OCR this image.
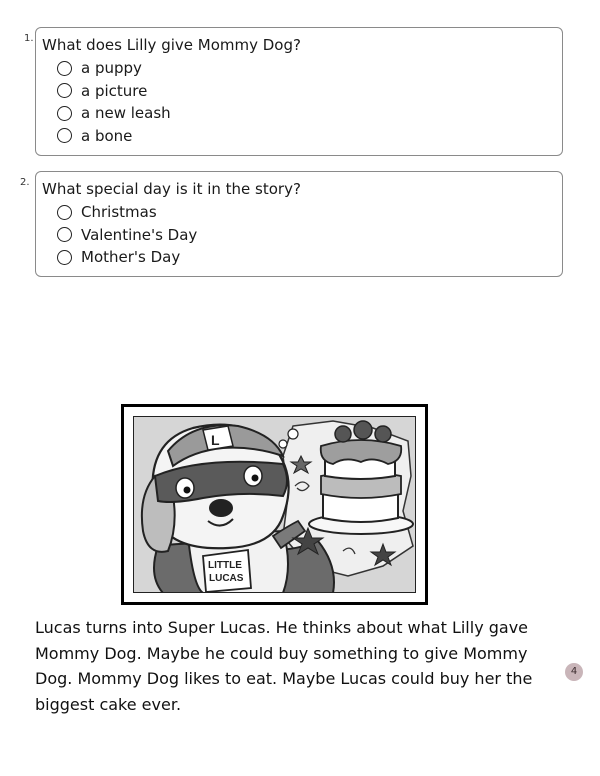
1. What does Lilly give Mommy Dog?
a puppy
a picture
a new leash
a bone
2. What special day is it in the story?
Christmas
Valentine's Day
Mother's Day
L
LITTLE
LUCAS
Lucas turns into Super Lucas. He thinks about what Lilly gave Mommy Dog. Maybe he could buy something to give Mommy Dog. Mommy Dog likes to eat. Maybe Lucas could buy her the biggest cake ever.
4
